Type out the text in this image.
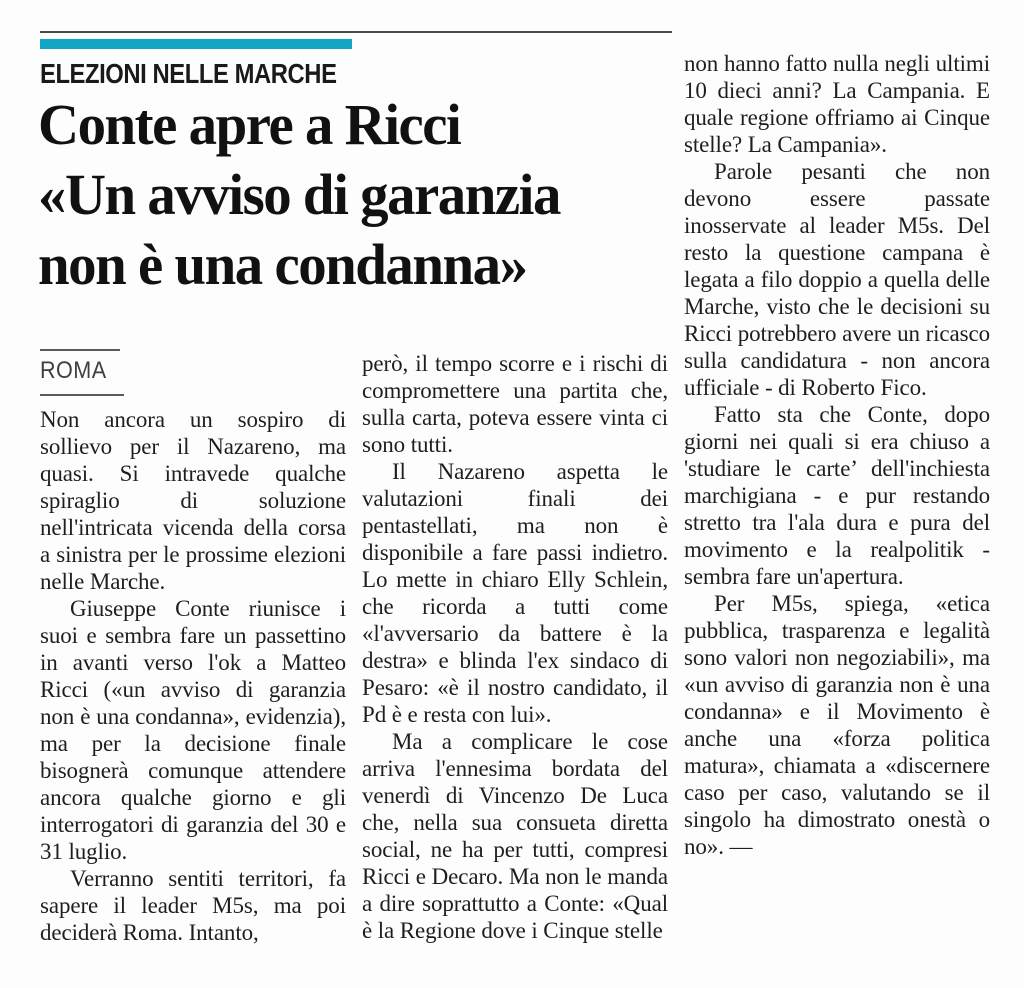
ELEZIONI NELLE MARCHE
Conte apre a Ricci
«Un avviso di garanzia
non è una condanna»
ROMA

Non ancora un sospiro di sollievo per il Nazareno, ma quasi. Si intravede qualche spiraglio di soluzione nell'intricata vicenda della corsa a sinistra per le prossime elezioni nelle Marche.

Giuseppe Conte riunisce i suoi e sembra fare un passettino in avanti verso l'ok a Matteo Ricci («un avviso di garanzia non è una condanna», evidenzia), ma per la decisione finale bisognerà comunque attendere ancora qualche giorno e gli interrogatori di garanzia del 30 e 31 luglio.

Verranno sentiti territori, fa sapere il leader M5s, ma poi deciderà Roma. Intanto,

però, il tempo scorre e i rischi di compromettere una partita che, sulla carta, poteva essere vinta ci sono tutti.

Il Nazareno aspetta le valutazioni finali dei pentastellati, ma non è disponibile a fare passi indietro. Lo mette in chiaro Elly Schlein, che ricorda a tutti come «l'avversario da battere è la destra» e blinda l'ex sindaco di Pesaro: «è il nostro candidato, il Pd è e resta con lui».

Ma a complicare le cose arriva l'ennesima bordata del venerdì di Vincenzo De Luca che, nella sua consueta diretta social, ne ha per tutti, compresi Ricci e Decaro. Ma non le manda a dire soprattutto a Conte: «Qual è la Regione dove i Cinque stelle

non hanno fatto nulla negli ultimi 10 dieci anni? La Campania. E quale regione offriamo ai Cinque stelle? La Campania».

Parole pesanti che non devono essere passate inosservate al leader M5s. Del resto la questione campana è legata a filo doppio a quella delle Marche, visto che le decisioni su Ricci potrebbero avere un ricasco sulla candidatura - non ancora ufficiale - di Roberto Fico.

Fatto sta che Conte, dopo giorni nei quali si era chiuso a 'studiare le carte’ dell'inchiesta marchigiana - e pur restando stretto tra l'ala dura e pura del movimento e la realpolitik - sembra fare un'apertura.

Per M5s, spiega, «etica pubblica, trasparenza e legalità sono valori non negoziabili», ma «un avviso di garanzia non è una condanna» e il Movimento è anche una «forza politica matura», chiamata a «discernere caso per caso, valutando se il singolo ha dimostrato onestà o no». —
